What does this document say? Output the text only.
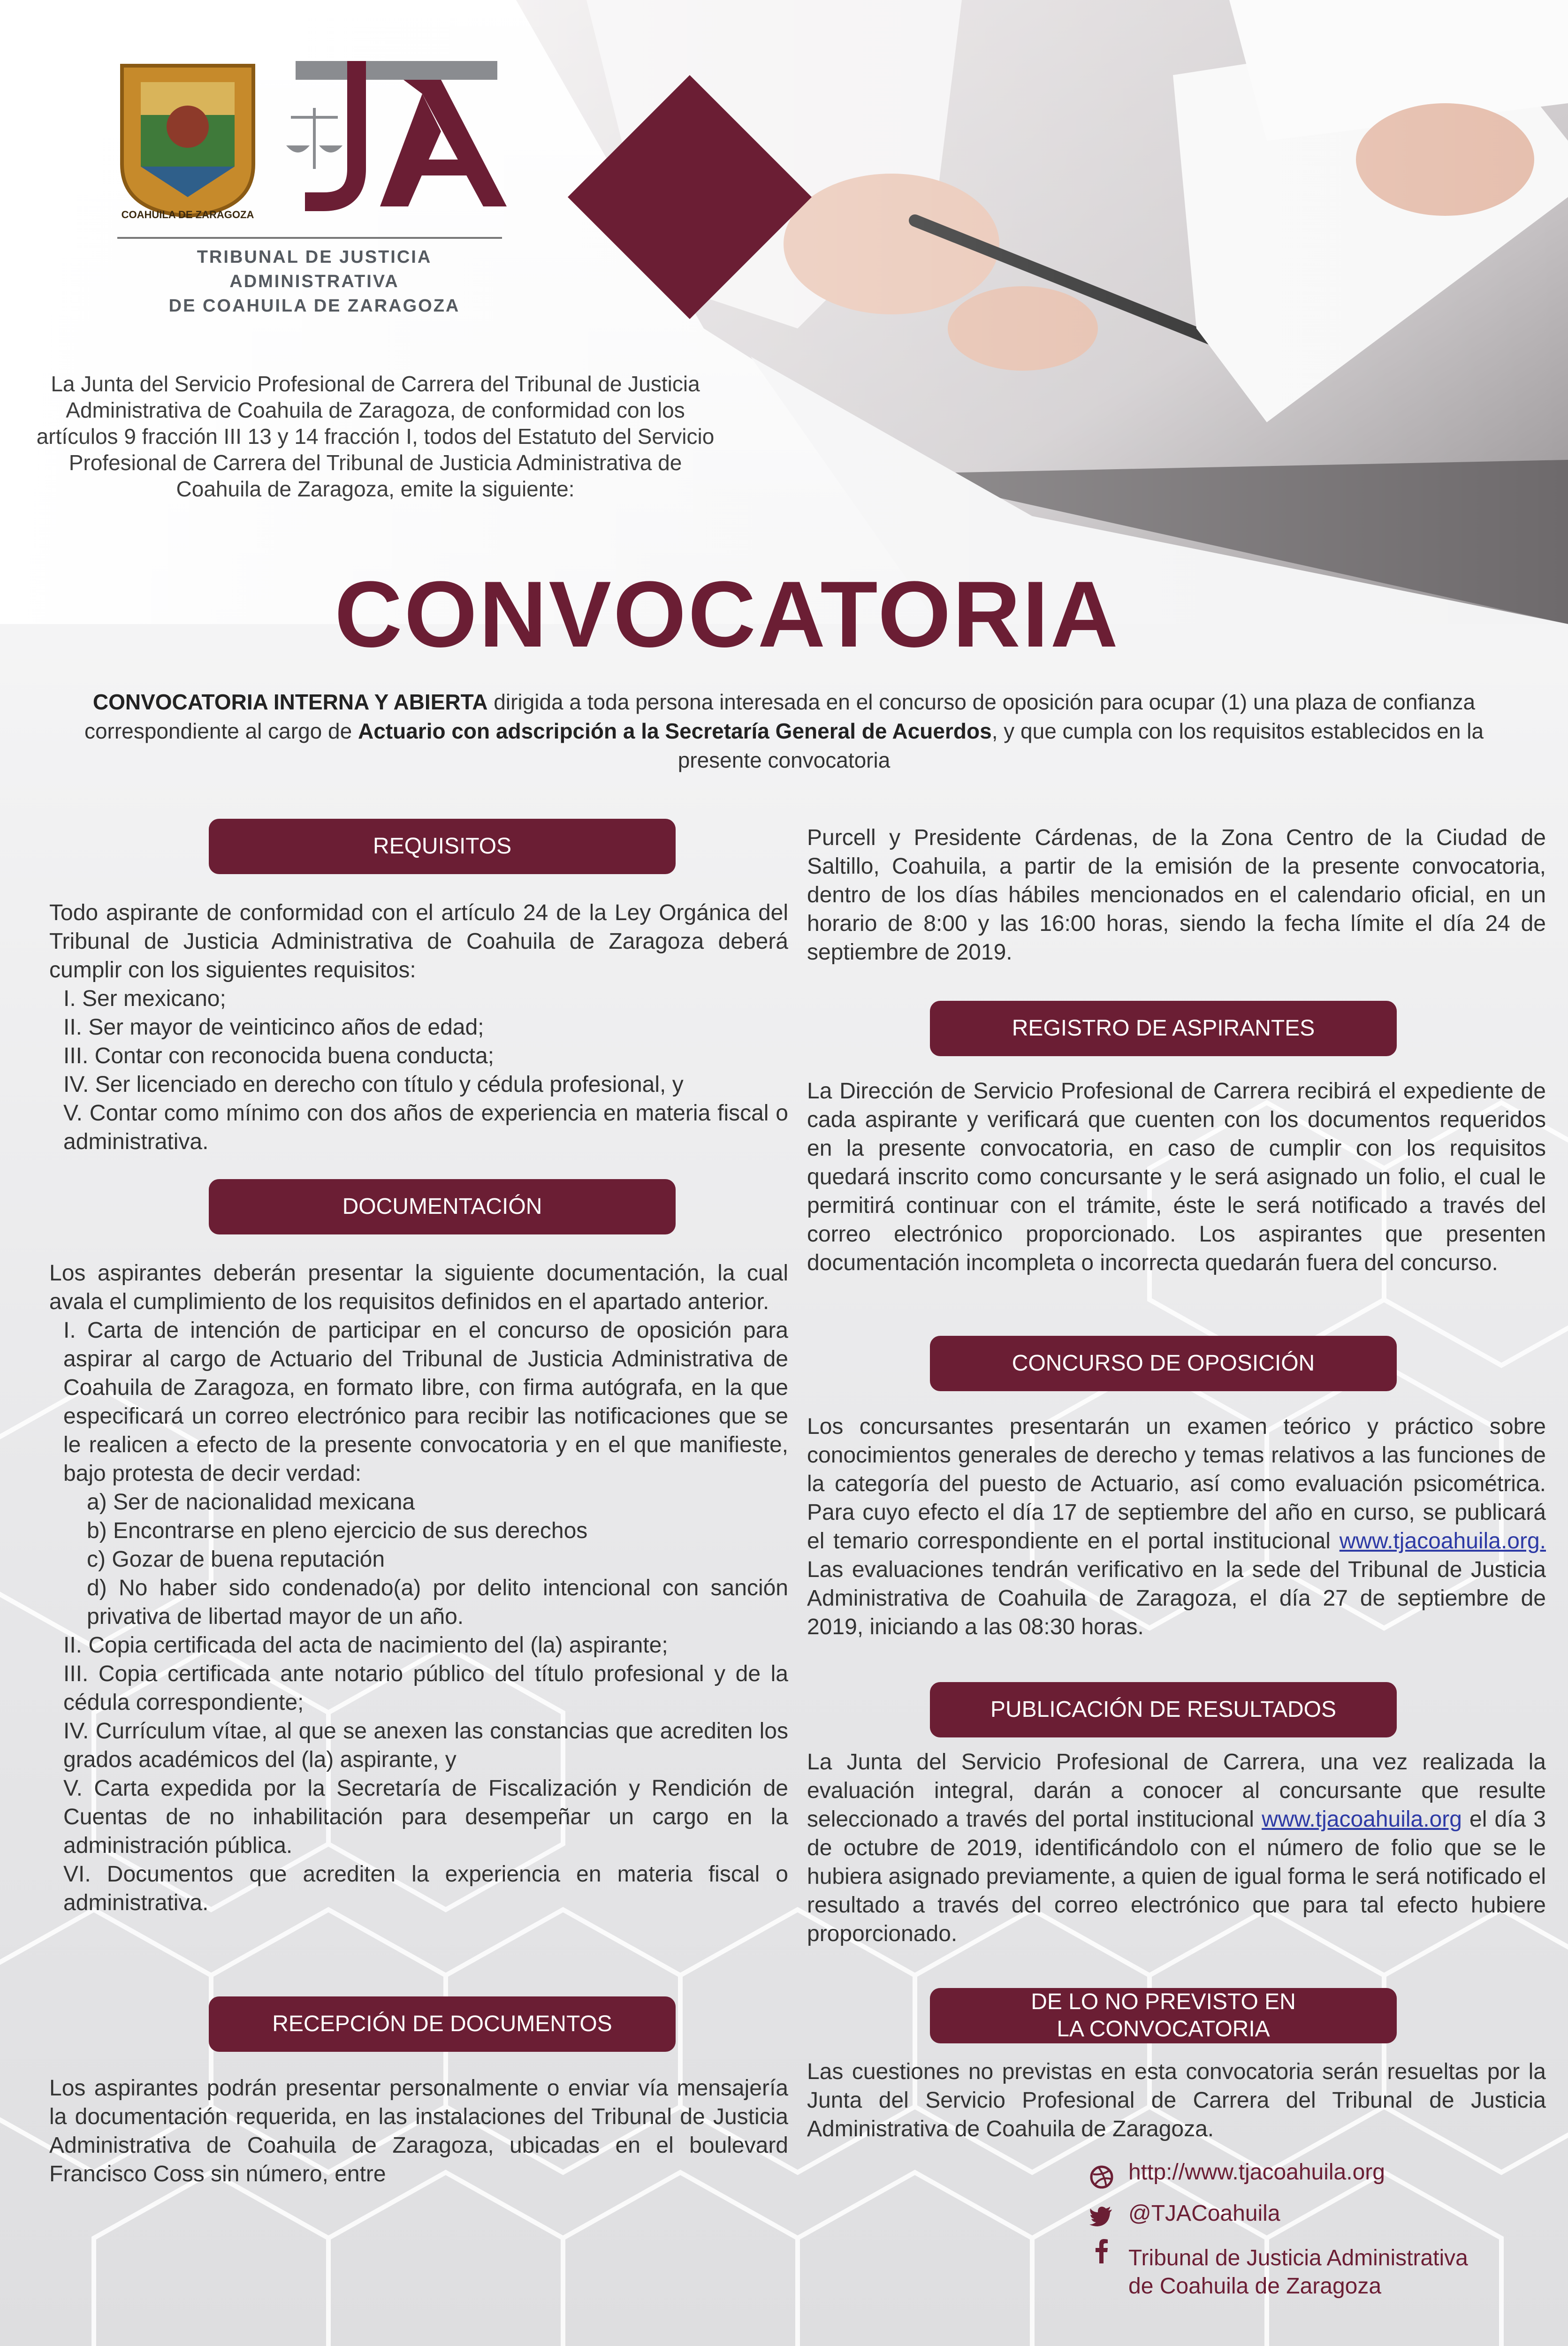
COAHUILA DE ZARAGOZA
TRIBUNAL DE JUSTICIA ADMINISTRATIVA
DE COAHUILA DE ZARAGOZA
La Junta del Servicio Profesional de Carrera del Tribunal de Justicia Administrativa de Coahuila de Zaragoza, de conformidad con los artículos 9 fracción III 13 y 14 fracción I, todos del Estatuto del Servicio Profesional de Carrera del Tribunal de Justicia Administrativa de Coahuila de Zaragoza, emite la siguiente:
CONVOCATORIA
CONVOCATORIA INTERNA Y ABIERTA dirigida a toda persona interesada en el concurso de oposición para ocupar (1) una plaza de confianza correspondiente al cargo de Actuario con adscripción a la Secretaría General de Acuerdos, y que cumpla con los requisitos establecidos en la presente convocatoria
REQUISITOS

Todo aspirante de conformidad con el artículo 24 de la Ley Orgánica del Tribunal de Justicia Administrativa de Coahuila de Zaragoza deberá cumplir con los siguientes requisitos:

I. Ser mexicano;

II. Ser mayor de veinticinco años de edad;

III. Contar con reconocida buena conducta;

IV. Ser licenciado en derecho con título y cédula profesional, y

V. Contar como mínimo con dos años de experiencia en materia fiscal o administrativa.

DOCUMENTACIÓN

Los aspirantes deberán presentar la siguiente documentación, la cual avala el cumplimiento de los requisitos definidos en el apartado anterior.

I. Carta de intención de participar en el concurso de oposición para aspirar al cargo de Actuario del Tribunal de Justicia Administrativa de Coahuila de Zaragoza, en formato libre, con firma autógrafa, en la que especificará un correo electrónico para recibir las notificaciones que se le realicen a efecto de la presente convocatoria y en el que manifieste, bajo protesta de decir verdad:

a) Ser de nacionalidad mexicana

b) Encontrarse en pleno ejercicio de sus derechos

c) Gozar de buena reputación

d) No haber sido condenado(a) por delito intencional con sanción privativa de libertad mayor de un año.

II. Copia certificada del acta de nacimiento del (la) aspirante;

III. Copia certificada ante notario público del título profesional y de la cédula correspondiente;

IV. Currículum vítae, al que se anexen las constancias que acrediten los grados académicos del (la) aspirante, y

V. Carta expedida por la Secretaría de Fiscalización y Rendición de Cuentas de no inhabilitación para desempeñar un cargo en la administración pública.

VI. Documentos que acrediten la experiencia en materia fiscal o administrativa.

RECEPCIÓN DE DOCUMENTOS
Los aspirantes podrán presentar personalmente o enviar vía mensajería la documentación requerida, en las instalaciones del Tribunal de Justicia Administrativa de Coahuila de Zaragoza, ubicadas en el boulevard Francisco Coss sin número, entre
Purcell y Presidente Cárdenas, de la Zona Centro de la Ciudad de Saltillo, Coahuila, a partir de la emisión de la presente convocatoria, dentro de los días hábiles mencionados en el calendario oficial, en un horario de 8:00 y las 16:00 horas, siendo la fecha límite el día 24 de septiembre de 2019.
REGISTRO DE ASPIRANTES
La Dirección de Servicio Profesional de Carrera recibirá el expediente de cada aspirante y verificará que cuenten con los documentos requeridos en la presente convocatoria, en caso de cumplir con los requisitos quedará inscrito como concursante y le será asignado un folio, el cual le permitirá continuar con el trámite, éste le será notificado a través del correo electrónico proporcionado. Los aspirantes que presenten documentación incompleta o incorrecta quedarán fuera del concurso.
CONCURSO DE OPOSICIÓN
Los concursantes presentarán un examen teórico y práctico sobre conocimientos generales de derecho y temas relativos a las funciones de la categoría del puesto de Actuario, así como evaluación psicométrica. Para cuyo efecto el día 17 de septiembre del año en curso, se publicará el temario correspondiente en el portal institucional www.tjacoahuila.org. Las evaluaciones tendrán verificativo en la sede del Tribunal de Justicia Administrativa de Coahuila de Zaragoza, el día 27 de septiembre de 2019, iniciando a las 08:30 horas.
PUBLICACIÓN DE RESULTADOS
La Junta del Servicio Profesional de Carrera, una vez realizada la evaluación integral, darán a conocer al concursante que resulte seleccionado a través del portal institucional www.tjacoahuila.org el día 3 de octubre de 2019, identificándolo con el número de folio que se le hubiera asignado previamente, a quien de igual forma le será notificado el resultado a través del correo electrónico que para tal efecto hubiere proporcionado.
DE LO NO PREVISTO EN
LA CONVOCATORIA
Las cuestiones no previstas en esta convocatoria serán resueltas por la Junta del Servicio Profesional de Carrera del Tribunal de Justicia Administrativa de Coahuila de Zaragoza.
http://www.tjacoahuila.org
@TJACoahuila
Tribunal de Justicia Administrativa
de Coahuila de Zaragoza
